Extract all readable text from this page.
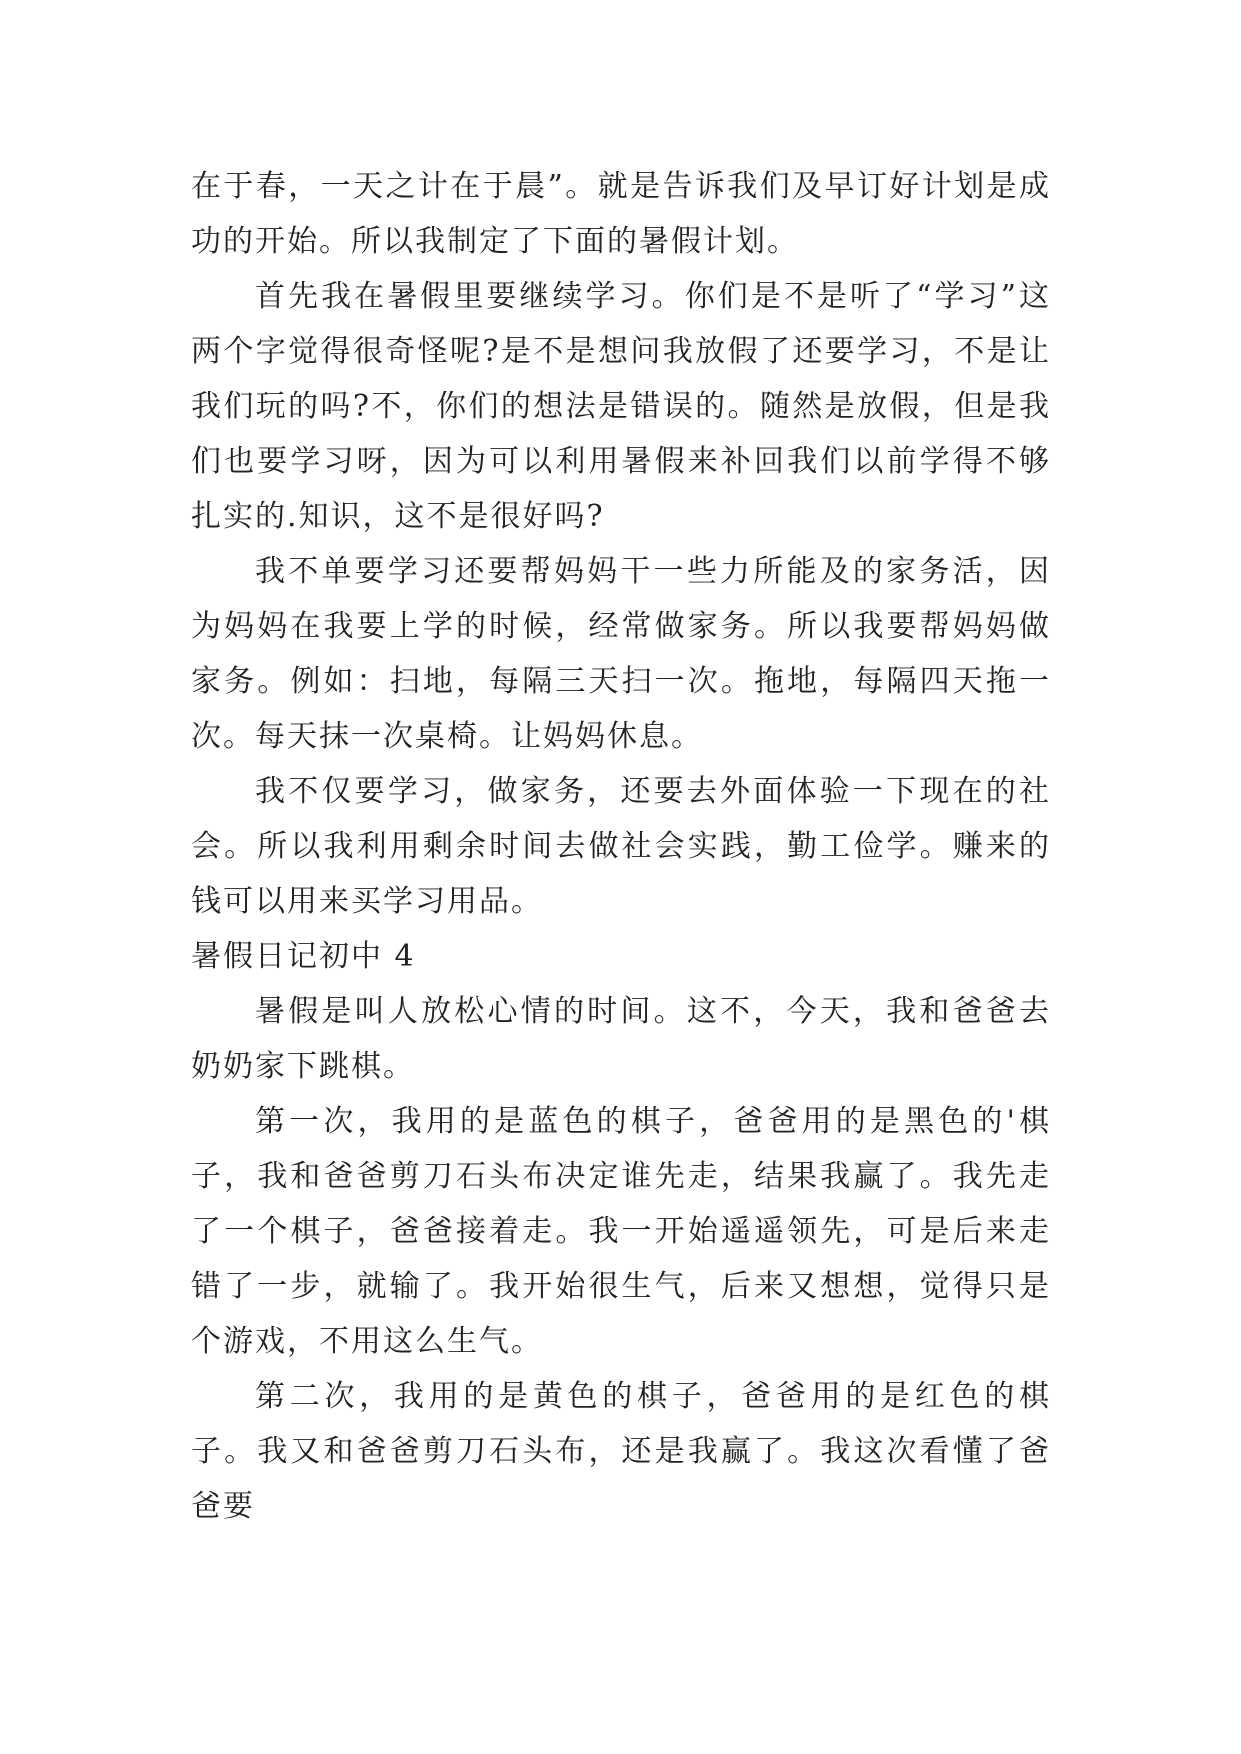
在于春，一天之计在于晨”。就是告诉我们及早订好计划是成功的开始。所以我制定了下面的暑假计划。

首先我在暑假里要继续学习。你们是不是听了“学习”这两个字觉得很奇怪呢?是不是想问我放假了还要学习，不是让我们玩的吗?不，你们的想法是错误的。随然是放假，但是我们也要学习呀，因为可以利用暑假来补回我们以前学得不够扎实的.知识，这不是很好吗?

我不单要学习还要帮妈妈干一些力所能及的家务活，因为妈妈在我要上学的时候，经常做家务。所以我要帮妈妈做家务。例如：扫地，每隔三天扫一次。拖地，每隔四天拖一次。每天抹一次桌椅。让妈妈休息。

我不仅要学习，做家务，还要去外面体验一下现在的社会。所以我利用剩余时间去做社会实践，勤工俭学。赚来的钱可以用来买学习用品。

暑假日记初中 4

暑假是叫人放松心情的时间。这不，今天，我和爸爸去奶奶家下跳棋。

第一次，我用的是蓝色的棋子，爸爸用的是黑色的'棋子，我和爸爸剪刀石头布决定谁先走，结果我赢了。我先走了一个棋子，爸爸接着走。我一开始遥遥领先，可是后来走错了一步，就输了。我开始很生气，后来又想想，觉得只是个游戏，不用这么生气。

第二次，我用的是黄色的棋子，爸爸用的是红色的棋子。我又和爸爸剪刀石头布，还是我赢了。我这次看懂了爸爸要
